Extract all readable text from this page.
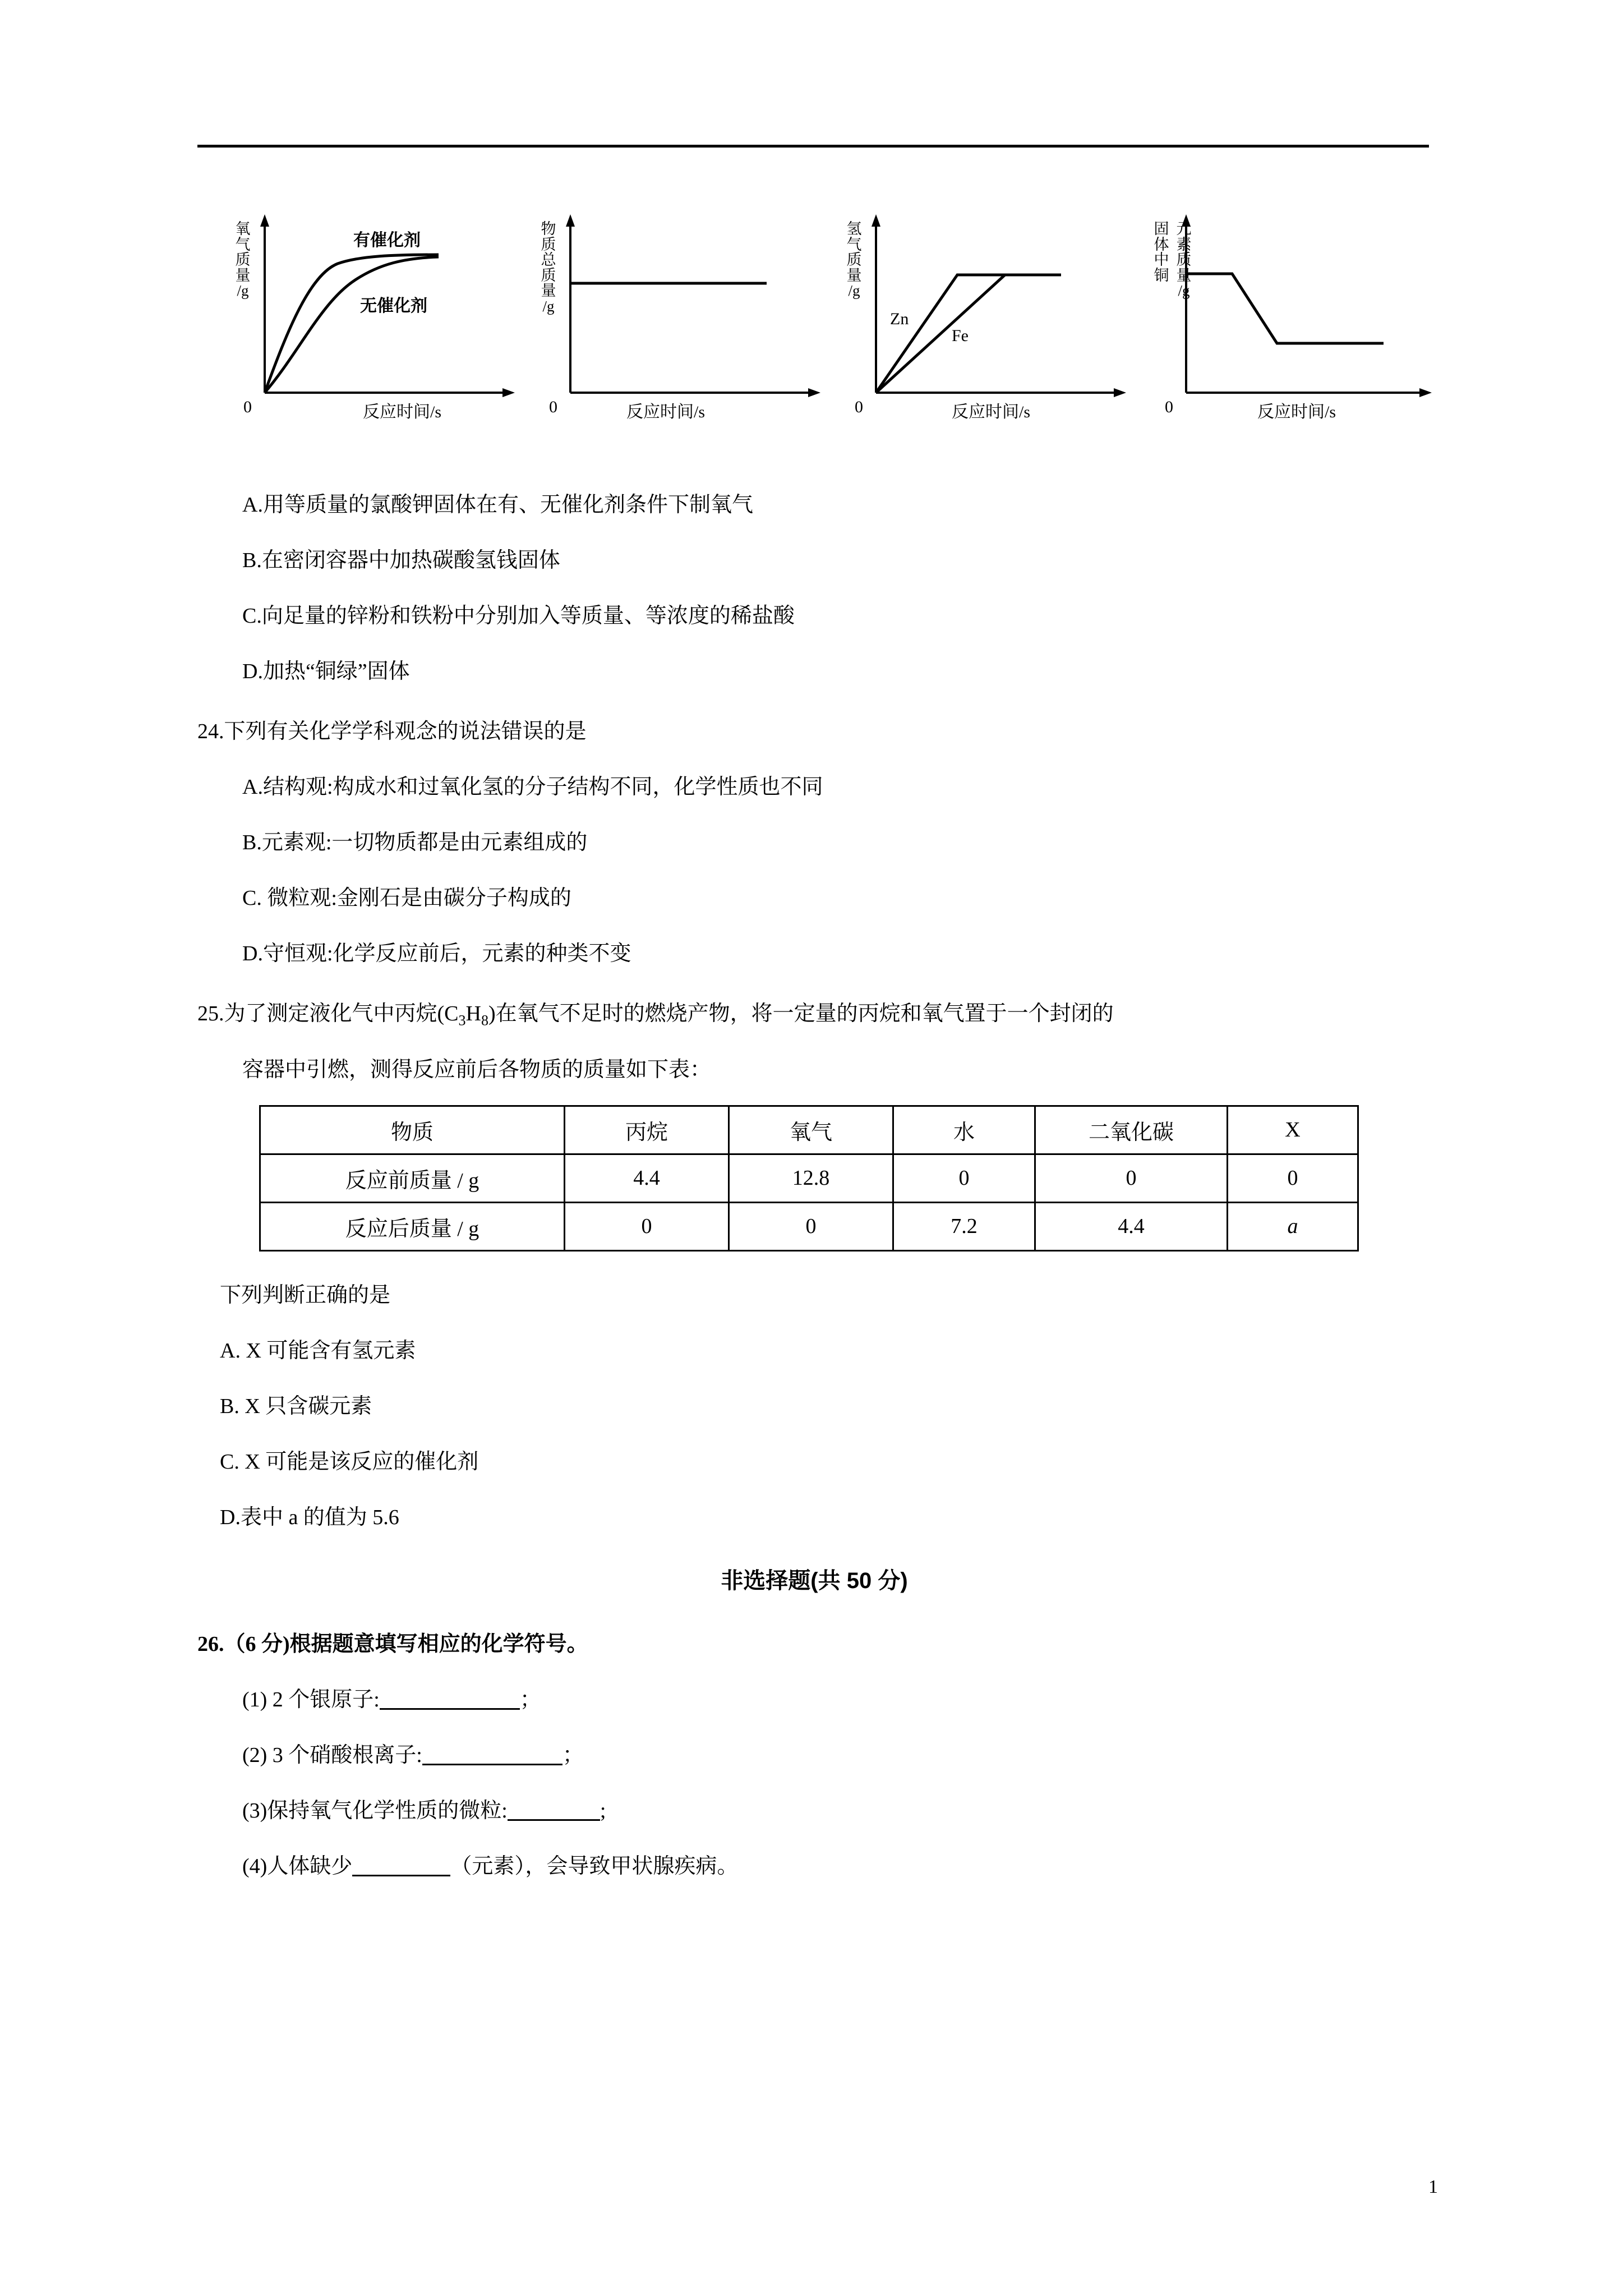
有催化剂
无催化剂
0	反应时间/s
氧
气
质
量
/g
0	反应时间/s
物
质
总
质
量
/g
Zn
Fe
0	反应时间/s
氢
气
质
量
/g
0	反应时间/s
固
体
中
铜元
素
质
量
/g
A.用等质量的氯酸钾固体在有、无催化剂条件下制氧气
B.在密闭容器中加热碳酸氢钱固体
C.向足量的锌粉和铁粉中分别加入等质量、等浓度的稀盐酸
D.加热“铜绿”固体
24.下列有关化学学科观念的说法错误的是
A.结构观:构成水和过氧化氢的分子结构不同，化学性质也不同
B.元素观:一切物质都是由元素组成的
C. 微粒观:金刚石是由碳分子构成的
D.守恒观:化学反应前后，元素的种类不变
25.为了测定液化气中丙烷$(C_3H_8)$在氧气不足时的燃烧产物，将一定量的丙烷和氧气置于一个封闭的
容器中引燃，测得反应前后各物质的质量如下表：
物质	丙烷	氧气	水	二氧化碳	X
反应前质量 / g	4.4	12.8	0	0	0
反应后质量 / g	0	0	7.2	4.4	a
下列判断正确的是
A. X 可能含有氢元素
B. X 只含碳元素
C. X 可能是该反应的催化剂
D.表中 a 的值为 5.6
非选择题(共 50 分)
26.（6 分)根据题意填写相应的化学符号。
(1) 2 个银原子:	；
(2) 3 个硝酸根离子:	；
(3)保持氧气化学性质的微粒:	;
(4)人体缺少	（元素），会导致甲状腺疾病。
1
